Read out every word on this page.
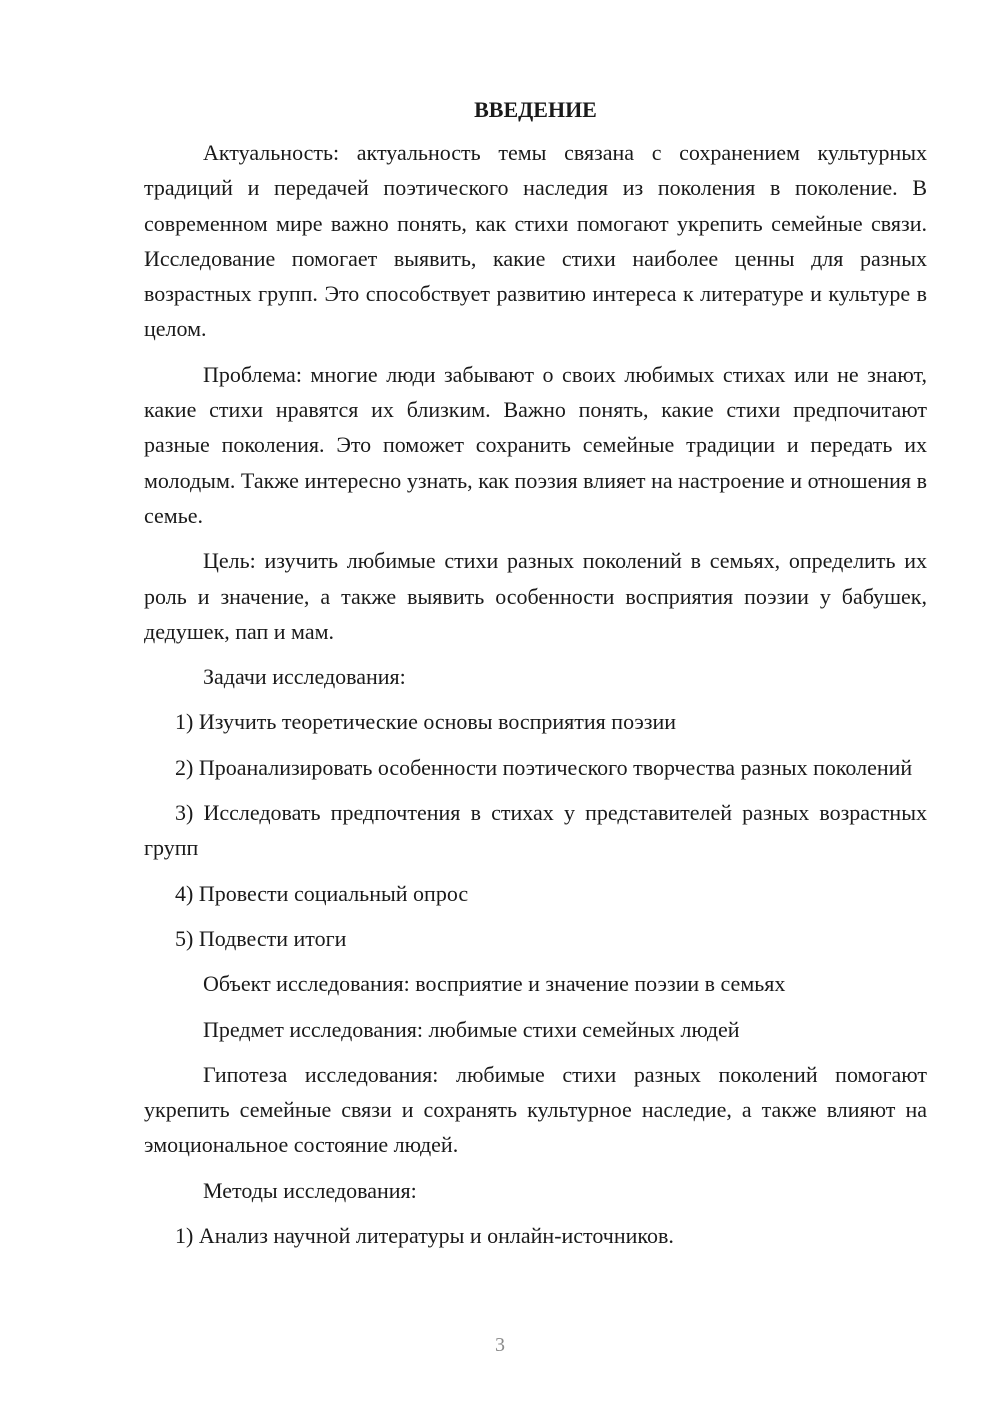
ВВЕДЕНИЕ

Актуальность: актуальность темы связана с сохранением культурных традиций и передачей поэтического наследия из поколения в поколение. В современном мире важно понять, как стихи помогают укрепить семейные связи. Исследование помогает выявить, какие стихи наиболее ценны для разных возрастных групп. Это способствует развитию интереса к литературе и культуре в целом.

Проблема: многие люди забывают о своих любимых стихах или не знают, какие стихи нравятся их близким. Важно понять, какие стихи предпочитают разные поколения. Это поможет сохранить семейные традиции и передать их молодым. Также интересно узнать, как поэзия влияет на настроение и отношения в семье.

Цель: изучить любимые стихи разных поколений в семьях, определить их роль и значение, а также выявить особенности восприятия поэзии у бабушек, дедушек, пап и мам.

Задачи исследования:

1) Изучить теоретические основы восприятия поэзии

2) Проанализировать особенности поэтического творчества разных поколений

3) Исследовать предпочтения в стихах у представителей разных возрастных групп

4) Провести социальный опрос

5) Подвести итоги

Объект исследования: восприятие и значение поэзии в семьях

Предмет исследования: любимые стихи семейных людей

Гипотеза исследования: любимые стихи разных поколений помогают укрепить семейные связи и сохранять культурное наследие, а также влияют на эмоциональное состояние людей.

Методы исследования:

1) Анализ научной литературы и онлайн-источников.

3
